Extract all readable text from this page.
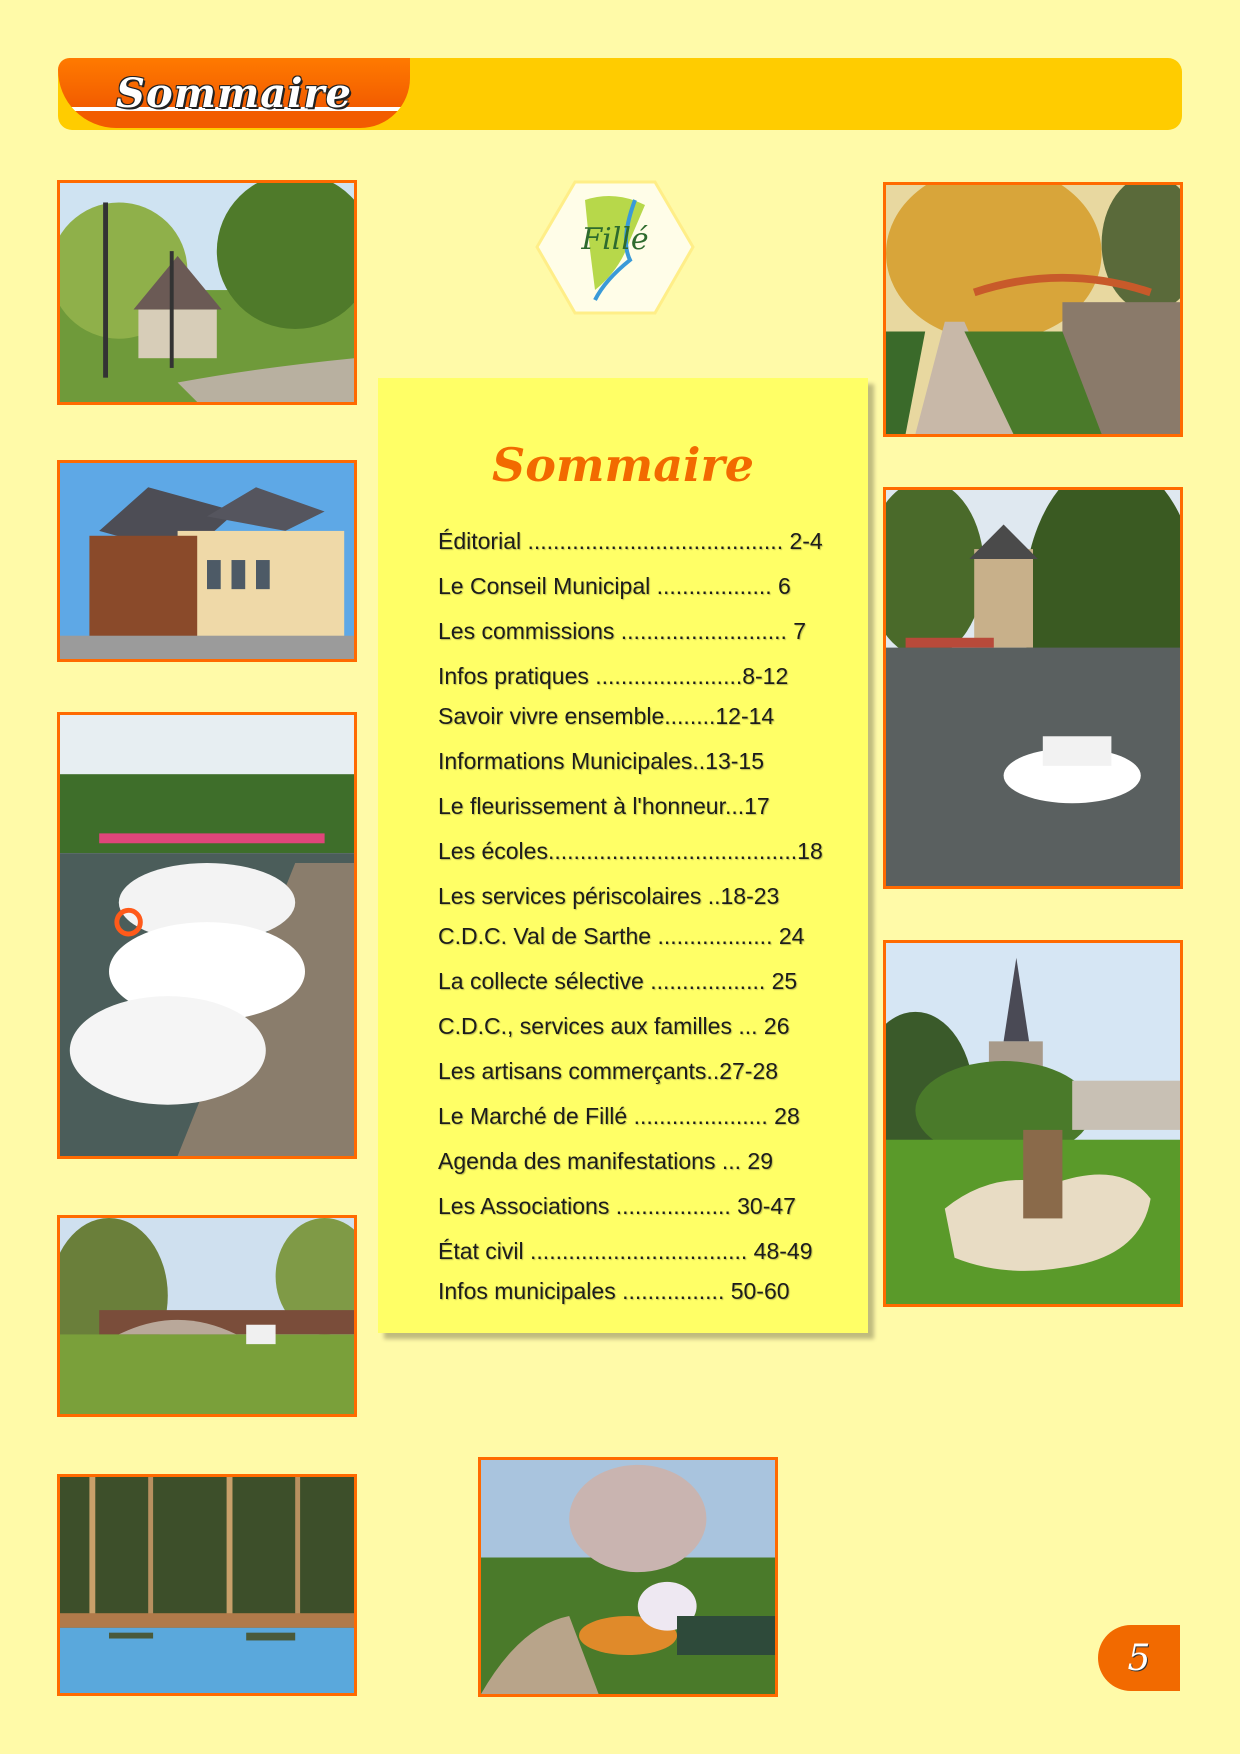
Sommaire
Fillé
Sommaire
Éditorial ........................................ 2-4
Le Conseil Municipal .................. 6
Les commissions .......................... 7
Infos pratiques .......................8-12
Savoir vivre ensemble........12-14
Informations Municipales..13-15
Le fleurissement à l'honneur...17
Les écoles.......................................18
Les services périscolaires ..18-23
C.D.C. Val de Sarthe .................. 24
La collecte sélective .................. 25
C.D.C., services aux familles ... 26
Les artisans commerçants..27-28
Le Marché de Fillé ..................... 28
Agenda des manifestations ... 29
Les Associations .................. 30-47
État civil .................................. 48-49
Infos municipales ................ 50-60
5
